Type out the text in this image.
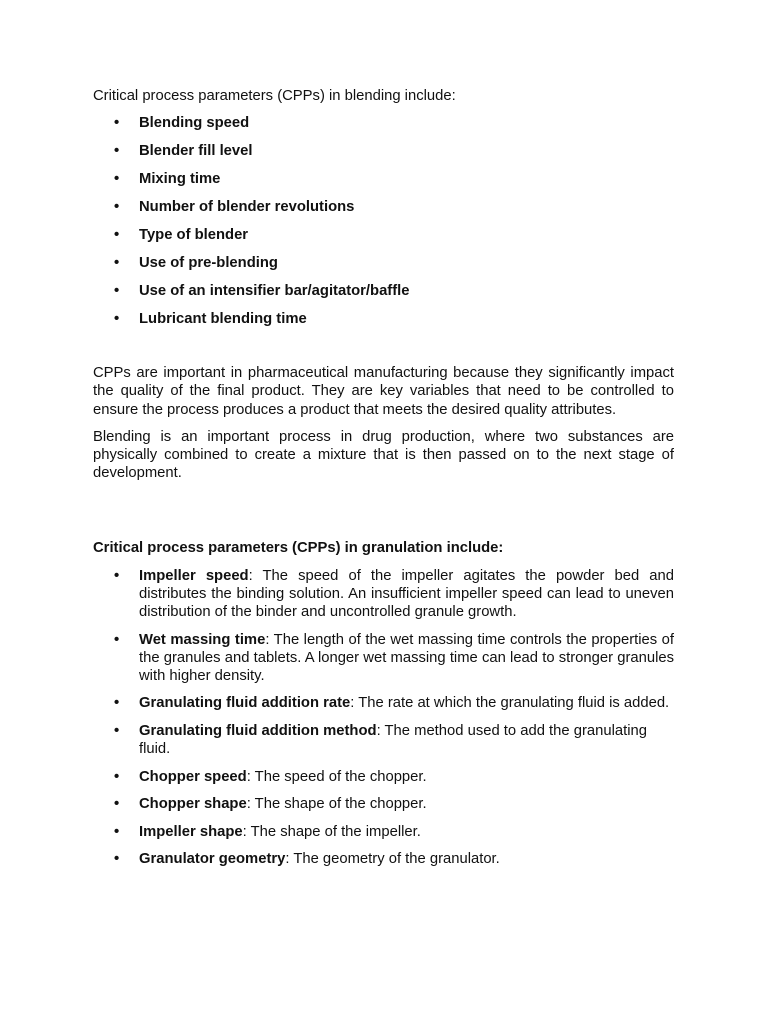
Critical process parameters (CPPs) in blending include:

• Blending speed
• Blender fill level
• Mixing time
• Number of blender revolutions
• Type of blender
• Use of pre-blending
• Use of an intensifier bar/agitator/baffle
• Lubricant blending time

CPPs are important in pharmaceutical manufacturing because they significantly impact the quality of the final product. They are key variables that need to be controlled to ensure the process produces a product that meets the desired quality attributes.

Blending is an important process in drug production, where two substances are physically combined to create a mixture that is then passed on to the next stage of development.

Critical process parameters (CPPs) in granulation include:

• Impeller speed: The speed of the impeller agitates the powder bed and distributes the binding solution. An insufficient impeller speed can lead to uneven distribution of the binder and uncontrolled granule growth.
• Wet massing time: The length of the wet massing time controls the properties of the granules and tablets. A longer wet massing time can lead to stronger granules with higher density.
• Granulating fluid addition rate: The rate at which the granulating fluid is added.
• Granulating fluid addition method: The method used to add the granulating fluid.
• Chopper speed: The speed of the chopper.
• Chopper shape: The shape of the chopper.
• Impeller shape: The shape of the impeller.
• Granulator geometry: The geometry of the granulator.
